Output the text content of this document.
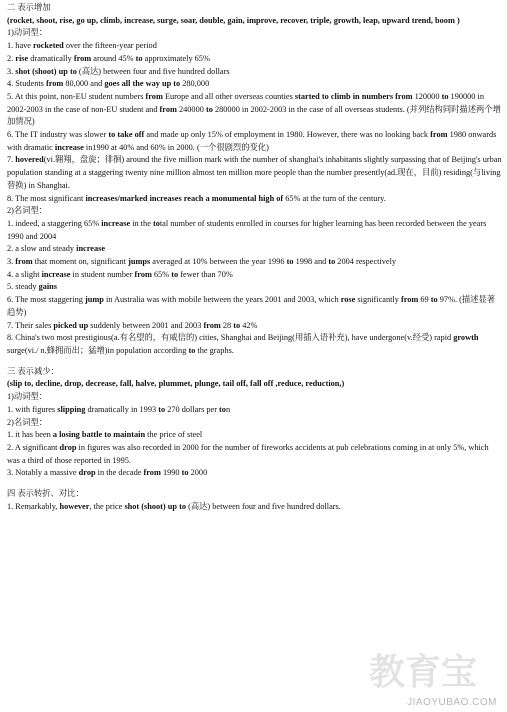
二 表示增加
(rocket, shoot, rise, go up, climb, increase, surge, soar, double, gain, improve, recover, triple, growth, leap, upward trend, boom )
1)动词型：
1. have rocketed over the fifteen-year period
2. rise dramatically from around 45% to approximately 65%
3. shot (shoot) up to (高达) between four and five hundred dollars
4. Students from 80,000 and goes all the way up to 280,000
5. At this point, non-EU student numbers from Europe and all other overseas counties started to climb in numbers from 120000 to 190000 in 2002-2003 in the case of non-EU student and from 240000 to 280000 in 2002-2003 in the case of all overseas students. (并列结构同时描述两个增加情况)
6. The IT industry was slower to take off and made up only 15% of employment in 1980. However, there was no looking back from 1980 onwards with dramatic increase in1990 at 40% and 60% in 2000. (一个很剧烈的变化)
7. hovered(vi.翱翔，盘旋；徘徊) around the five million mark with the number of shanghai's inhabitants slightly surpassing that of Beijing's urban population standing at a staggering twenty nine million almost ten million more people than the number presently(ad.现在，目前) residing(与living 替换) in Shanghai.
8. The most significant increases/marked increases reach a monumental high of 65% at the turn of the century.
2)名词型：
1. indeed, a staggering 65% increase in the total number of students enrolled in courses for higher learning has been recorded between the years 1990 and 2004
2. a slow and steady increase
3. from that moment on, significant jumps averaged at 10% between the year 1996 to 1998 and to 2004 respectively
4. a slight increase in student number from 65% to fewer than 70%
5. steady gains
6. The most staggering jump in Australia was with mobile between the years 2001 and 2003, which rose significantly from 69 to 97%. (描述显著趋势)
7. Their sales picked up suddenly between 2001 and 2003 from 28 to 42%
8. China's two most prestigious(a.有名望的，有威信的) cities, Shanghai and Beijing(用插入语补充), have undergone(v.经受) rapid growth surge(vi./ n.蜂拥而出；猛增)in population according to the graphs.
三 表示减少：
(slip to, decline, drop, decrease, fall, halve, plummet, plunge, tail off, fall off ,reduce, reduction,)
1)动词型：
1. with figures slipping dramatically in 1993 to 270 dollars per ton
2)名词型：
1. it has been a losing battle to maintain the price of steel
2. A significant drop in figures was also recorded in 2000 for the number of fireworks accidents at pub celebrations coming in at only 5%, which was a third of those reported in 1995.
3. Notably a massive drop in the decade from 1990 to 2000
四 表示转折、对比：
1. Remarkably, however, the price shot (shoot) up to (高达) between four and five hundred dollars.
教育宝
JIAOYUBAO.COM
